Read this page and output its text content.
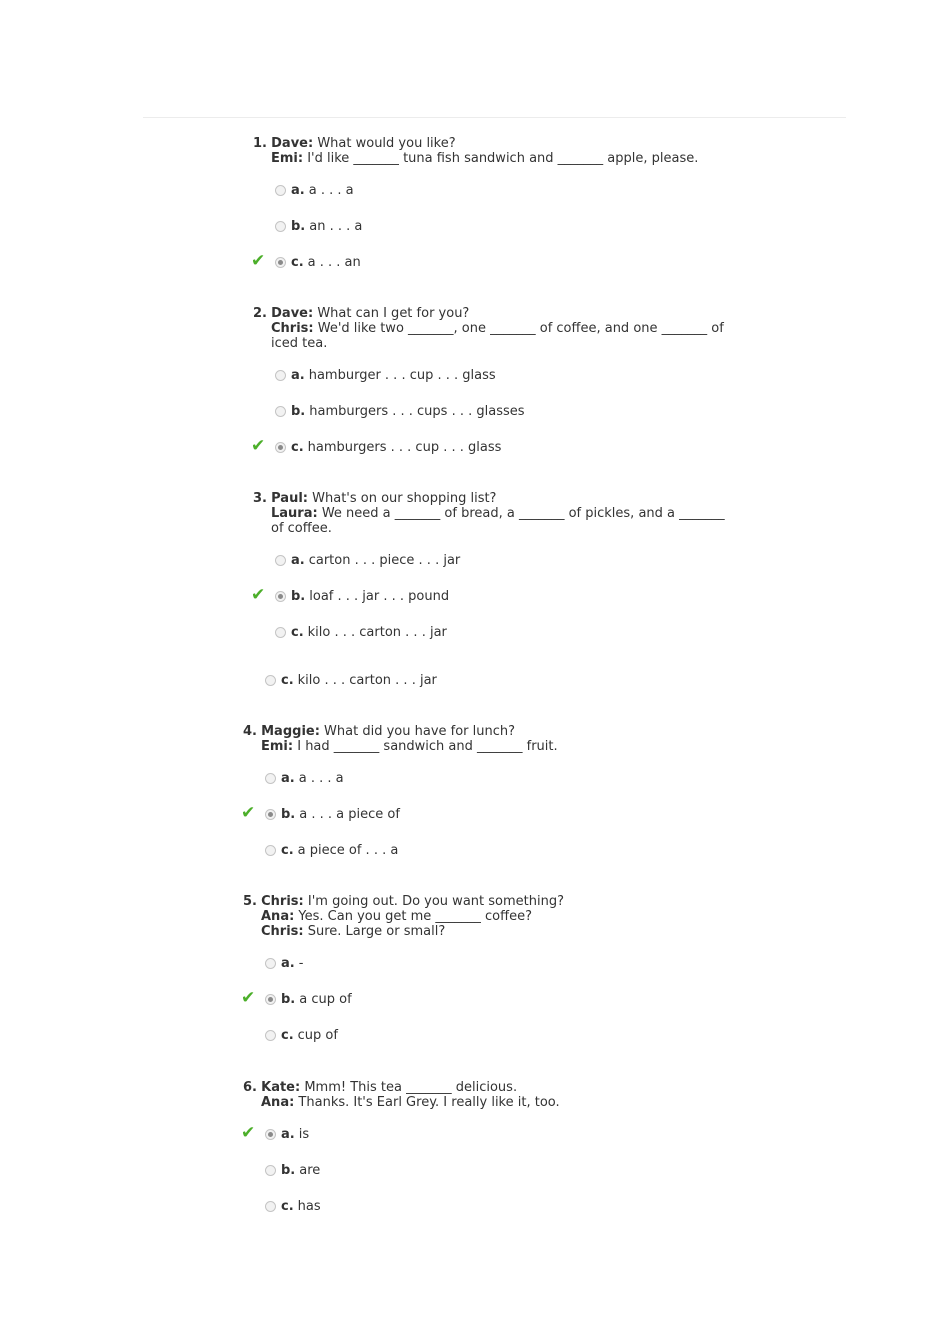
1. Dave: What would you like?
Emi: I'd like _______ tuna fish sandwich and _______ apple, please.
a. a . . . a
b. an . . . a
✔ c. a . . . an
2. Dave: What can I get for you?
Chris: We'd like two _______, one _______ of coffee, and one _______ of
iced tea.
a. hamburger . . . cup . . . glass
b. hamburgers . . . cups . . . glasses
✔ c. hamburgers . . . cup . . . glass
3. Paul: What's on our shopping list?
Laura: We need a _______ of bread, a _______ of pickles, and a _______
of coffee.
a. carton . . . piece . . . jar
✔ b. loaf . . . jar . . . pound
c. kilo . . . carton . . . jar
c. kilo . . . carton . . . jar
4. Maggie: What did you have for lunch?
Emi: I had _______ sandwich and _______ fruit.
a. a . . . a
✔ b. a . . . a piece of
c. a piece of . . . a
5. Chris: I'm going out. Do you want something?
Ana: Yes. Can you get me _______ coffee?
Chris: Sure. Large or small?
a. -
✔ b. a cup of
c. cup of
6. Kate: Mmm! This tea _______ delicious.
Ana: Thanks. It's Earl Grey. I really like it, too.
✔ a. is
b. are
c. has
